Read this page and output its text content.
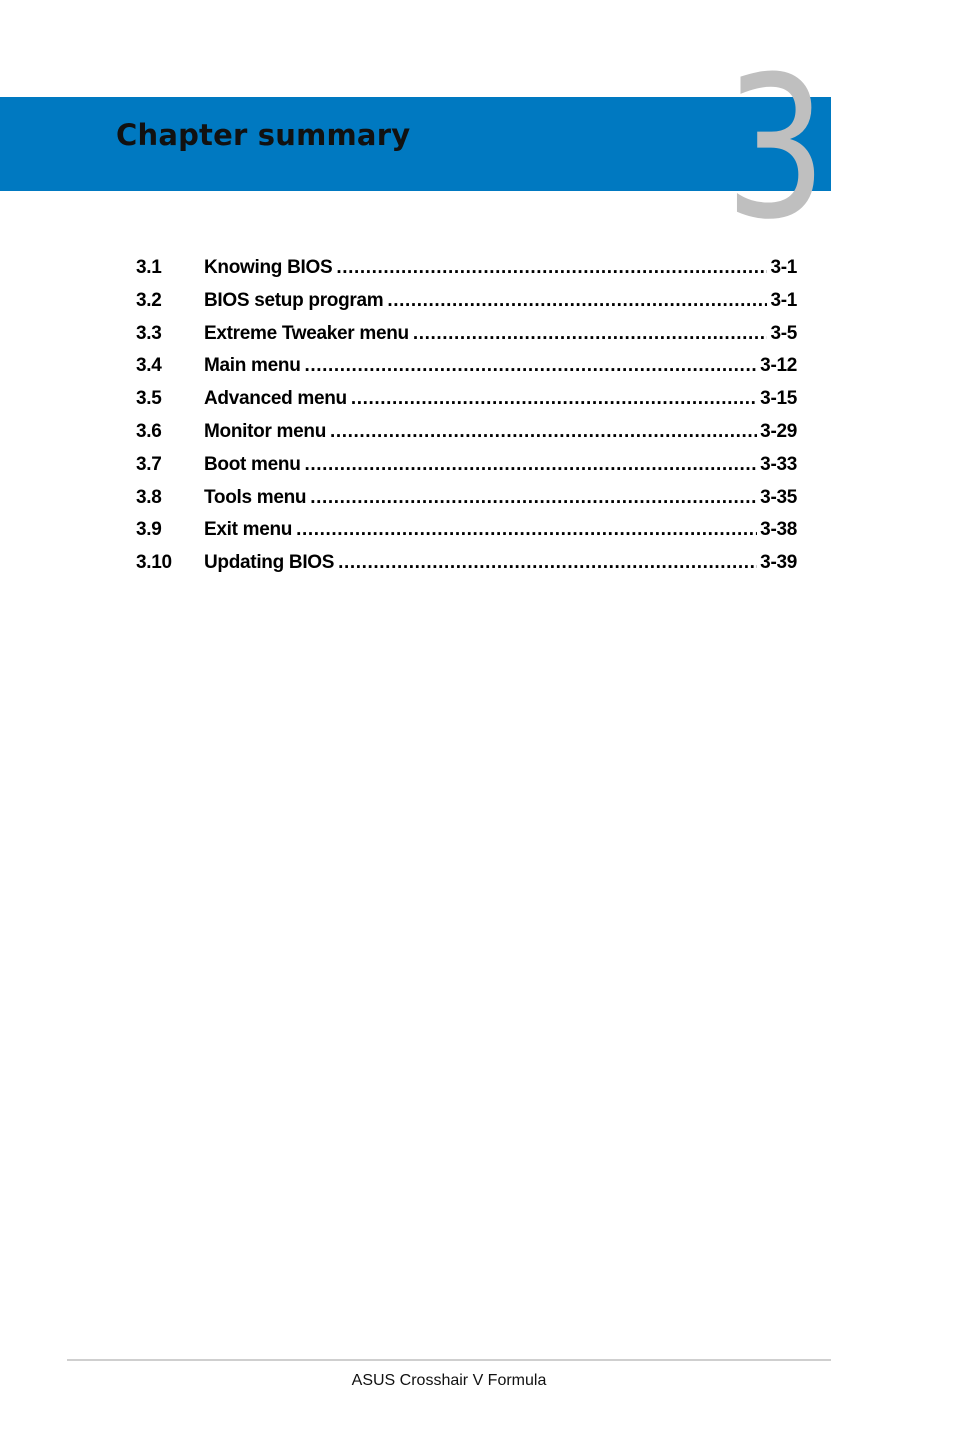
3
Chapter summary
3.1	Knowing BIOS .....	3-1
3.2	BIOS setup program .....	3-1
3.3	Extreme Tweaker menu .....	3-5
3.4	Main menu .....	3-12
3.5	Advanced menu .....	3-15
3.6	Monitor menu .....	3-29
3.7	Boot menu .....	3-33
3.8	Tools menu .....	3-35
3.9	Exit menu .....	3-38
3.10	Updating BIOS .....	3-39
ASUS Crosshair V Formula
